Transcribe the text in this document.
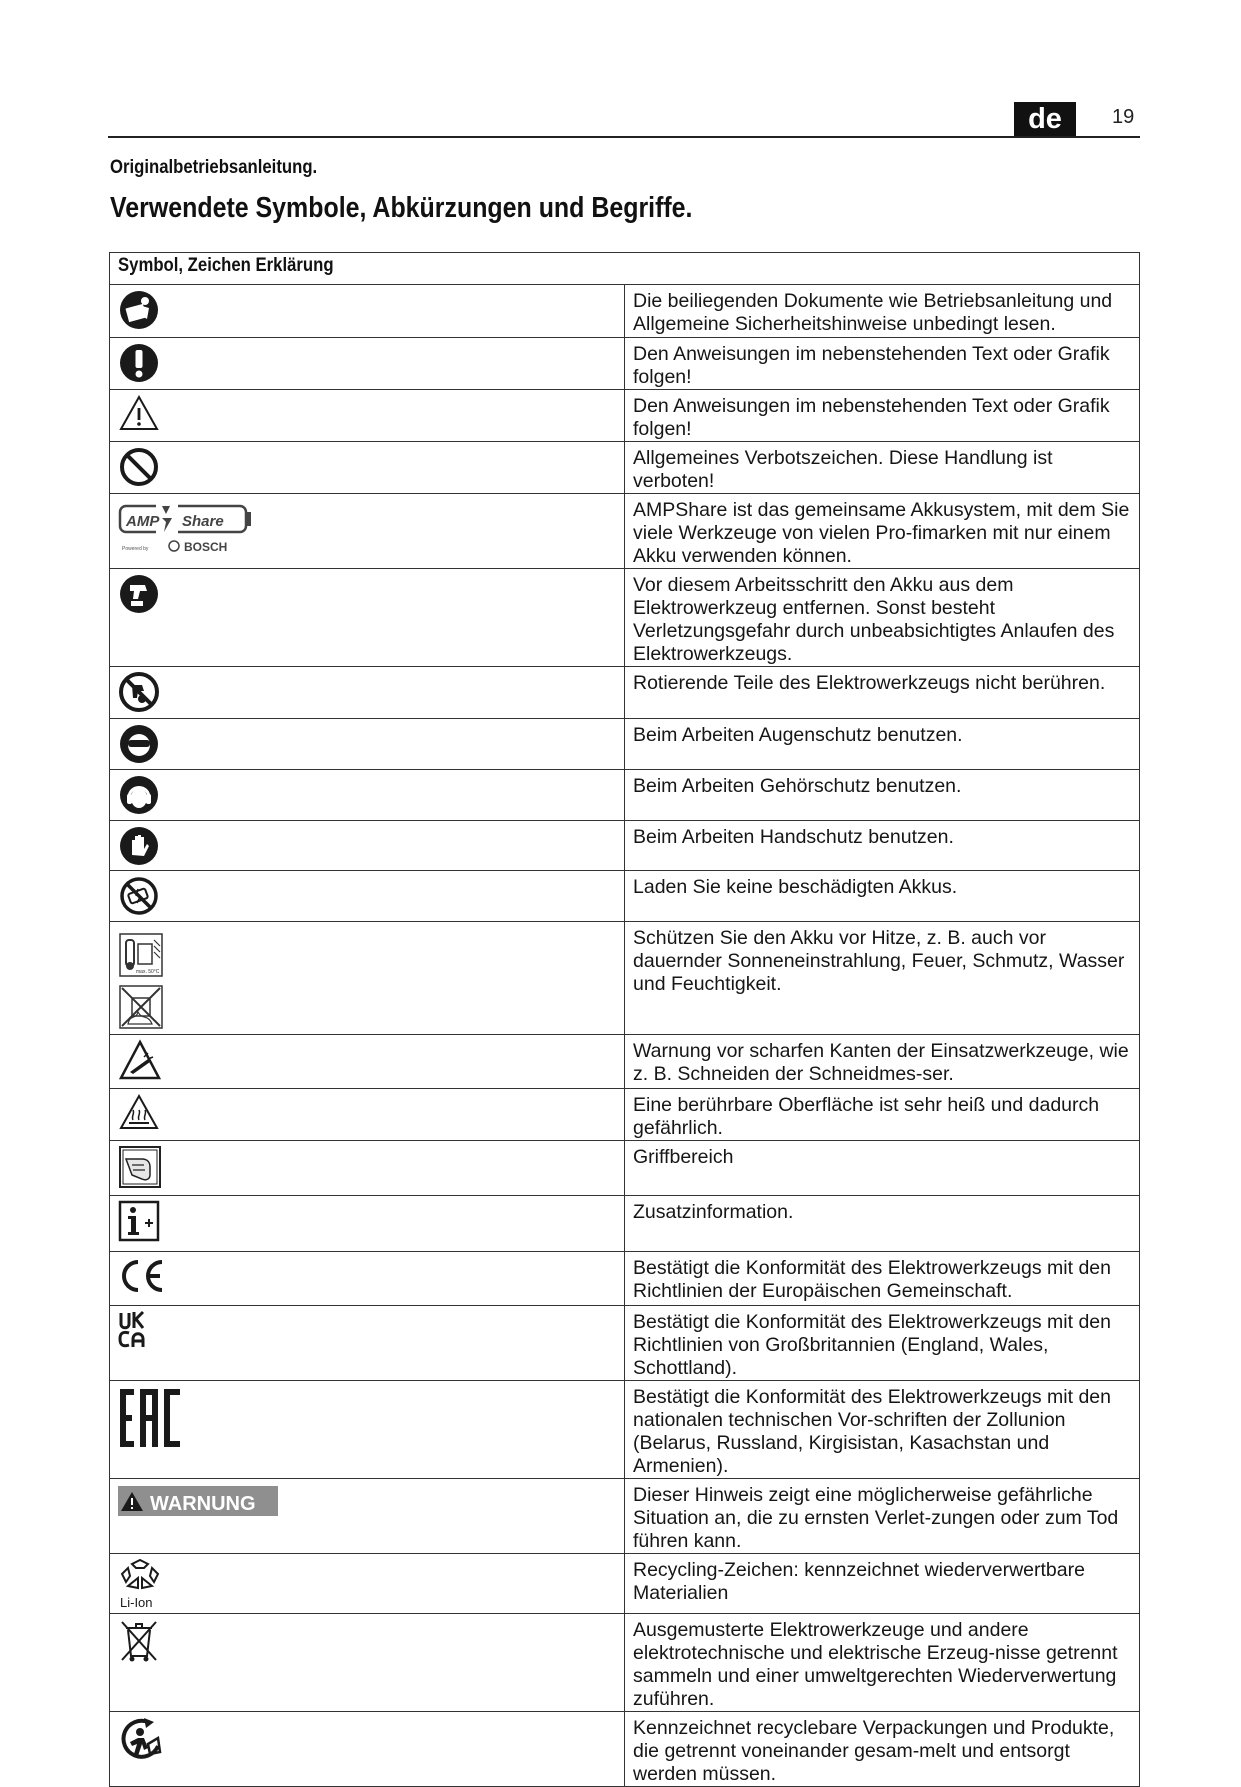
de	19
Originalbetriebsanleitung.
Verwendete Symbole, Abkürzungen und Begriffe.
Symbol, Zeichen Erklärung	

	Die beiliegenden Dokumente wie Betriebsanleitung und Allgemeine Sicherheitshinweise unbedingt lesen.

	Den Anweisungen im nebenstehenden Text oder Grafik folgen!

	Den Anweisungen im nebenstehenden Text oder Grafik folgen!

	Allgemeines Verbotszeichen. Diese Handlung ist verboten!

AMP Share
Powered by BOSCH	AMPShare ist das gemeinsame Akkusystem, mit dem Sie viele Werkzeuge von vielen Pro-fimarken mit nur einem Akku verwenden können.

	Vor diesem Arbeitsschritt den Akku aus dem Elektrowerkzeug entfernen. Sonst besteht Verletzungsgefahr durch unbeabsichtigtes Anlaufen des Elektrowerkzeugs.

	Rotierende Teile des Elektrowerkzeugs nicht berühren.

	Beim Arbeiten Augenschutz benutzen.

	Beim Arbeiten Gehörschutz benutzen.

	Beim Arbeiten Handschutz benutzen.

	Laden Sie keine beschädigten Akkus.

max. 50°C	Schützen Sie den Akku vor Hitze, z. B. auch vor dauernder Sonneneinstrahlung, Feuer, Schmutz, Wasser und Feuchtigkeit.

	Warnung vor scharfen Kanten der Einsatzwerkzeuge, wie z. B. Schneiden der Schneidmes-ser.

	Eine berührbare Oberfläche ist sehr heiß und dadurch gefährlich.

	Griffbereich

	Zusatzinformation.

	Bestätigt die Konformität des Elektrowerkzeugs mit den Richtlinien der Europäischen Gemeinschaft.

	Bestätigt die Konformität des Elektrowerkzeugs mit den Richtlinien von Großbritannien (England, Wales, Schottland).

	Bestätigt die Konformität des Elektrowerkzeugs mit den nationalen technischen Vor-schriften der Zollunion (Belarus, Russland, Kirgisistan, Kasachstan und Armenien).

WARNUNG	Dieser Hinweis zeigt eine möglicherweise gefährliche Situation an, die zu ernsten Verlet-zungen oder zum Tod führen kann.

Li-Ion	Recycling-Zeichen: kennzeichnet wiederverwertbare Materialien

	Ausgemusterte Elektrowerkzeuge und andere elektrotechnische und elektrische Erzeug-nisse getrennt sammeln und einer umweltgerechten Wiederverwertung zuführen.

	Kennzeichnet recyclebare Verpackungen und Produkte, die getrennt voneinander gesam-melt und entsorgt werden müssen.
